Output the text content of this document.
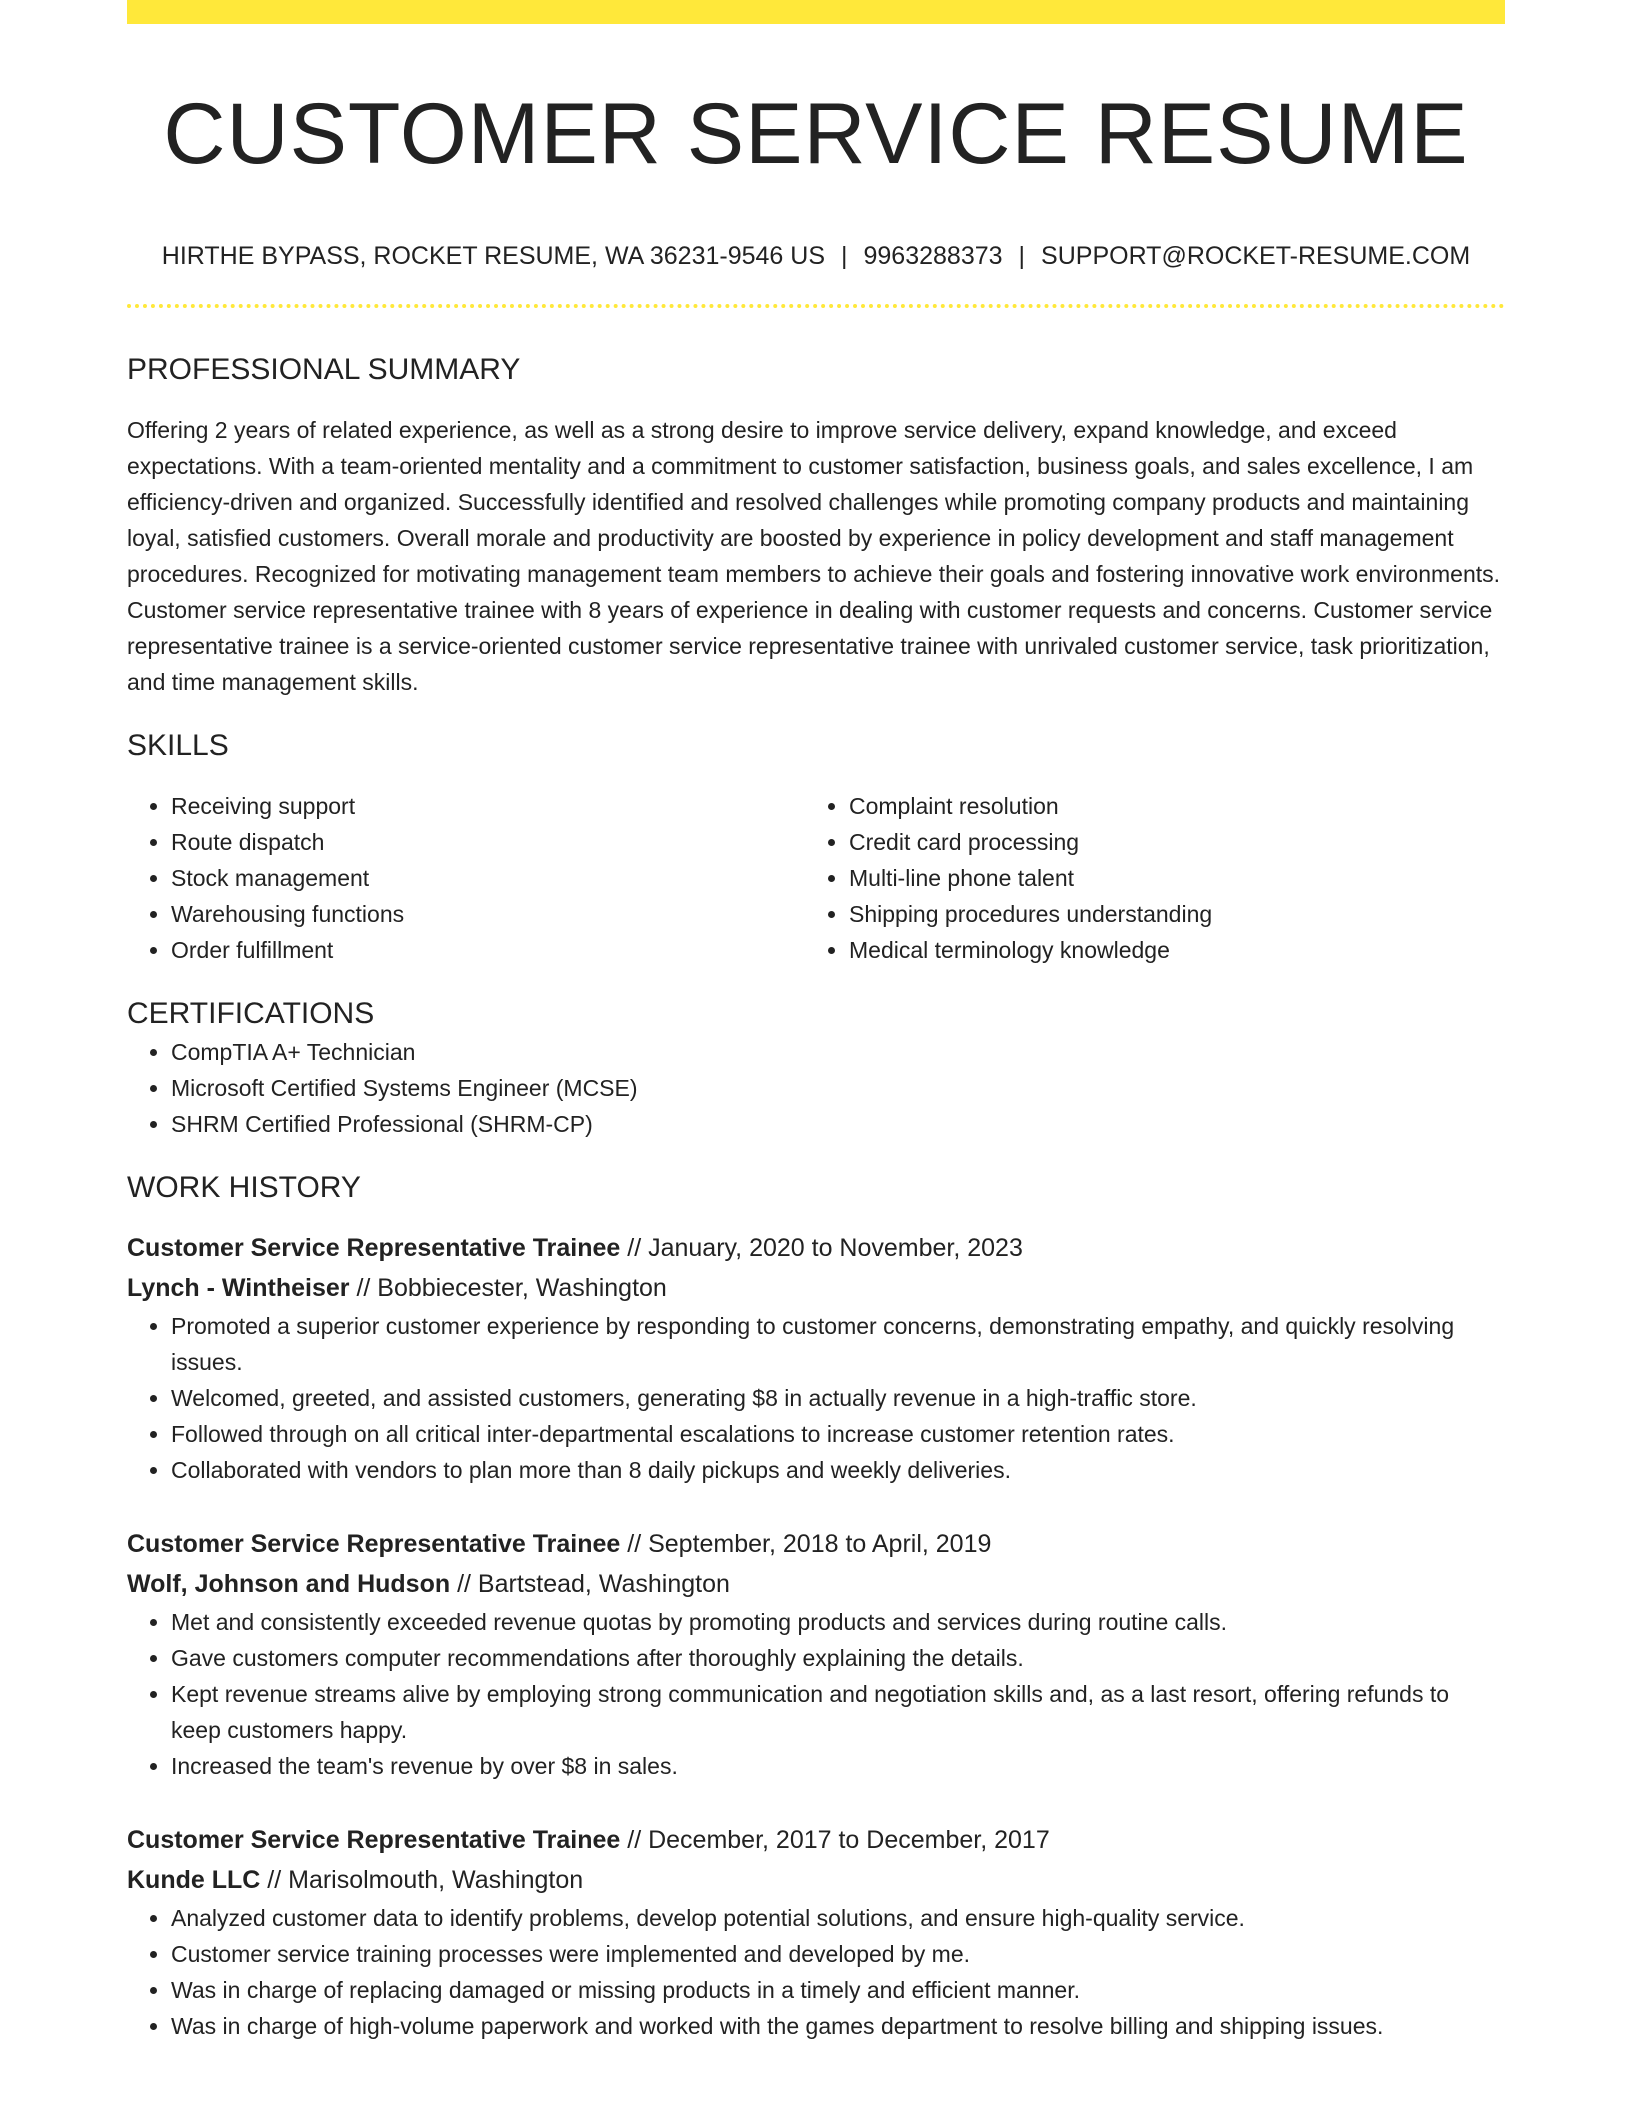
CUSTOMER SERVICE RESUME
HIRTHE BYPASS, ROCKET RESUME, WA 36231-9546 US | 9963288373 | SUPPORT@ROCKET-RESUME.COM
PROFESSIONAL SUMMARY
Offering 2 years of related experience, as well as a strong desire to improve service delivery, expand knowledge, and exceed expectations. With a team-oriented mentality and a commitment to customer satisfaction, business goals, and sales excellence, I am efficiency-driven and organized. Successfully identified and resolved challenges while promoting company products and maintaining loyal, satisfied customers. Overall morale and productivity are boosted by experience in policy development and staff management procedures. Recognized for motivating management team members to achieve their goals and fostering innovative work environments. Customer service representative trainee with 8 years of experience in dealing with customer requests and concerns. Customer service representative trainee is a service-oriented customer service representative trainee with unrivaled customer service, task prioritization, and time management skills.
SKILLS
• Receiving support
• Route dispatch
• Stock management
• Warehousing functions
• Order fulfillment
• Complaint resolution
• Credit card processing
• Multi-line phone talent
• Shipping procedures understanding
• Medical terminology knowledge
CERTIFICATIONS
• CompTIA A+ Technician
• Microsoft Certified Systems Engineer (MCSE)
• SHRM Certified Professional (SHRM-CP)
WORK HISTORY
Customer Service Representative Trainee // January, 2020 to November, 2023
Lynch - Wintheiser // Bobbiecester, Washington
• Promoted a superior customer experience by responding to customer concerns, demonstrating empathy, and quickly resolving issues.
• Welcomed, greeted, and assisted customers, generating $8 in actually revenue in a high-traffic store.
• Followed through on all critical inter-departmental escalations to increase customer retention rates.
• Collaborated with vendors to plan more than 8 daily pickups and weekly deliveries.
Customer Service Representative Trainee // September, 2018 to April, 2019
Wolf, Johnson and Hudson // Bartstead, Washington
• Met and consistently exceeded revenue quotas by promoting products and services during routine calls.
• Gave customers computer recommendations after thoroughly explaining the details.
• Kept revenue streams alive by employing strong communication and negotiation skills and, as a last resort, offering refunds to keep customers happy.
• Increased the team's revenue by over $8 in sales.
Customer Service Representative Trainee // December, 2017 to December, 2017
Kunde LLC // Marisolmouth, Washington
• Analyzed customer data to identify problems, develop potential solutions, and ensure high-quality service.
• Customer service training processes were implemented and developed by me.
• Was in charge of replacing damaged or missing products in a timely and efficient manner.
• Was in charge of high-volume paperwork and worked with the games department to resolve billing and shipping issues.
